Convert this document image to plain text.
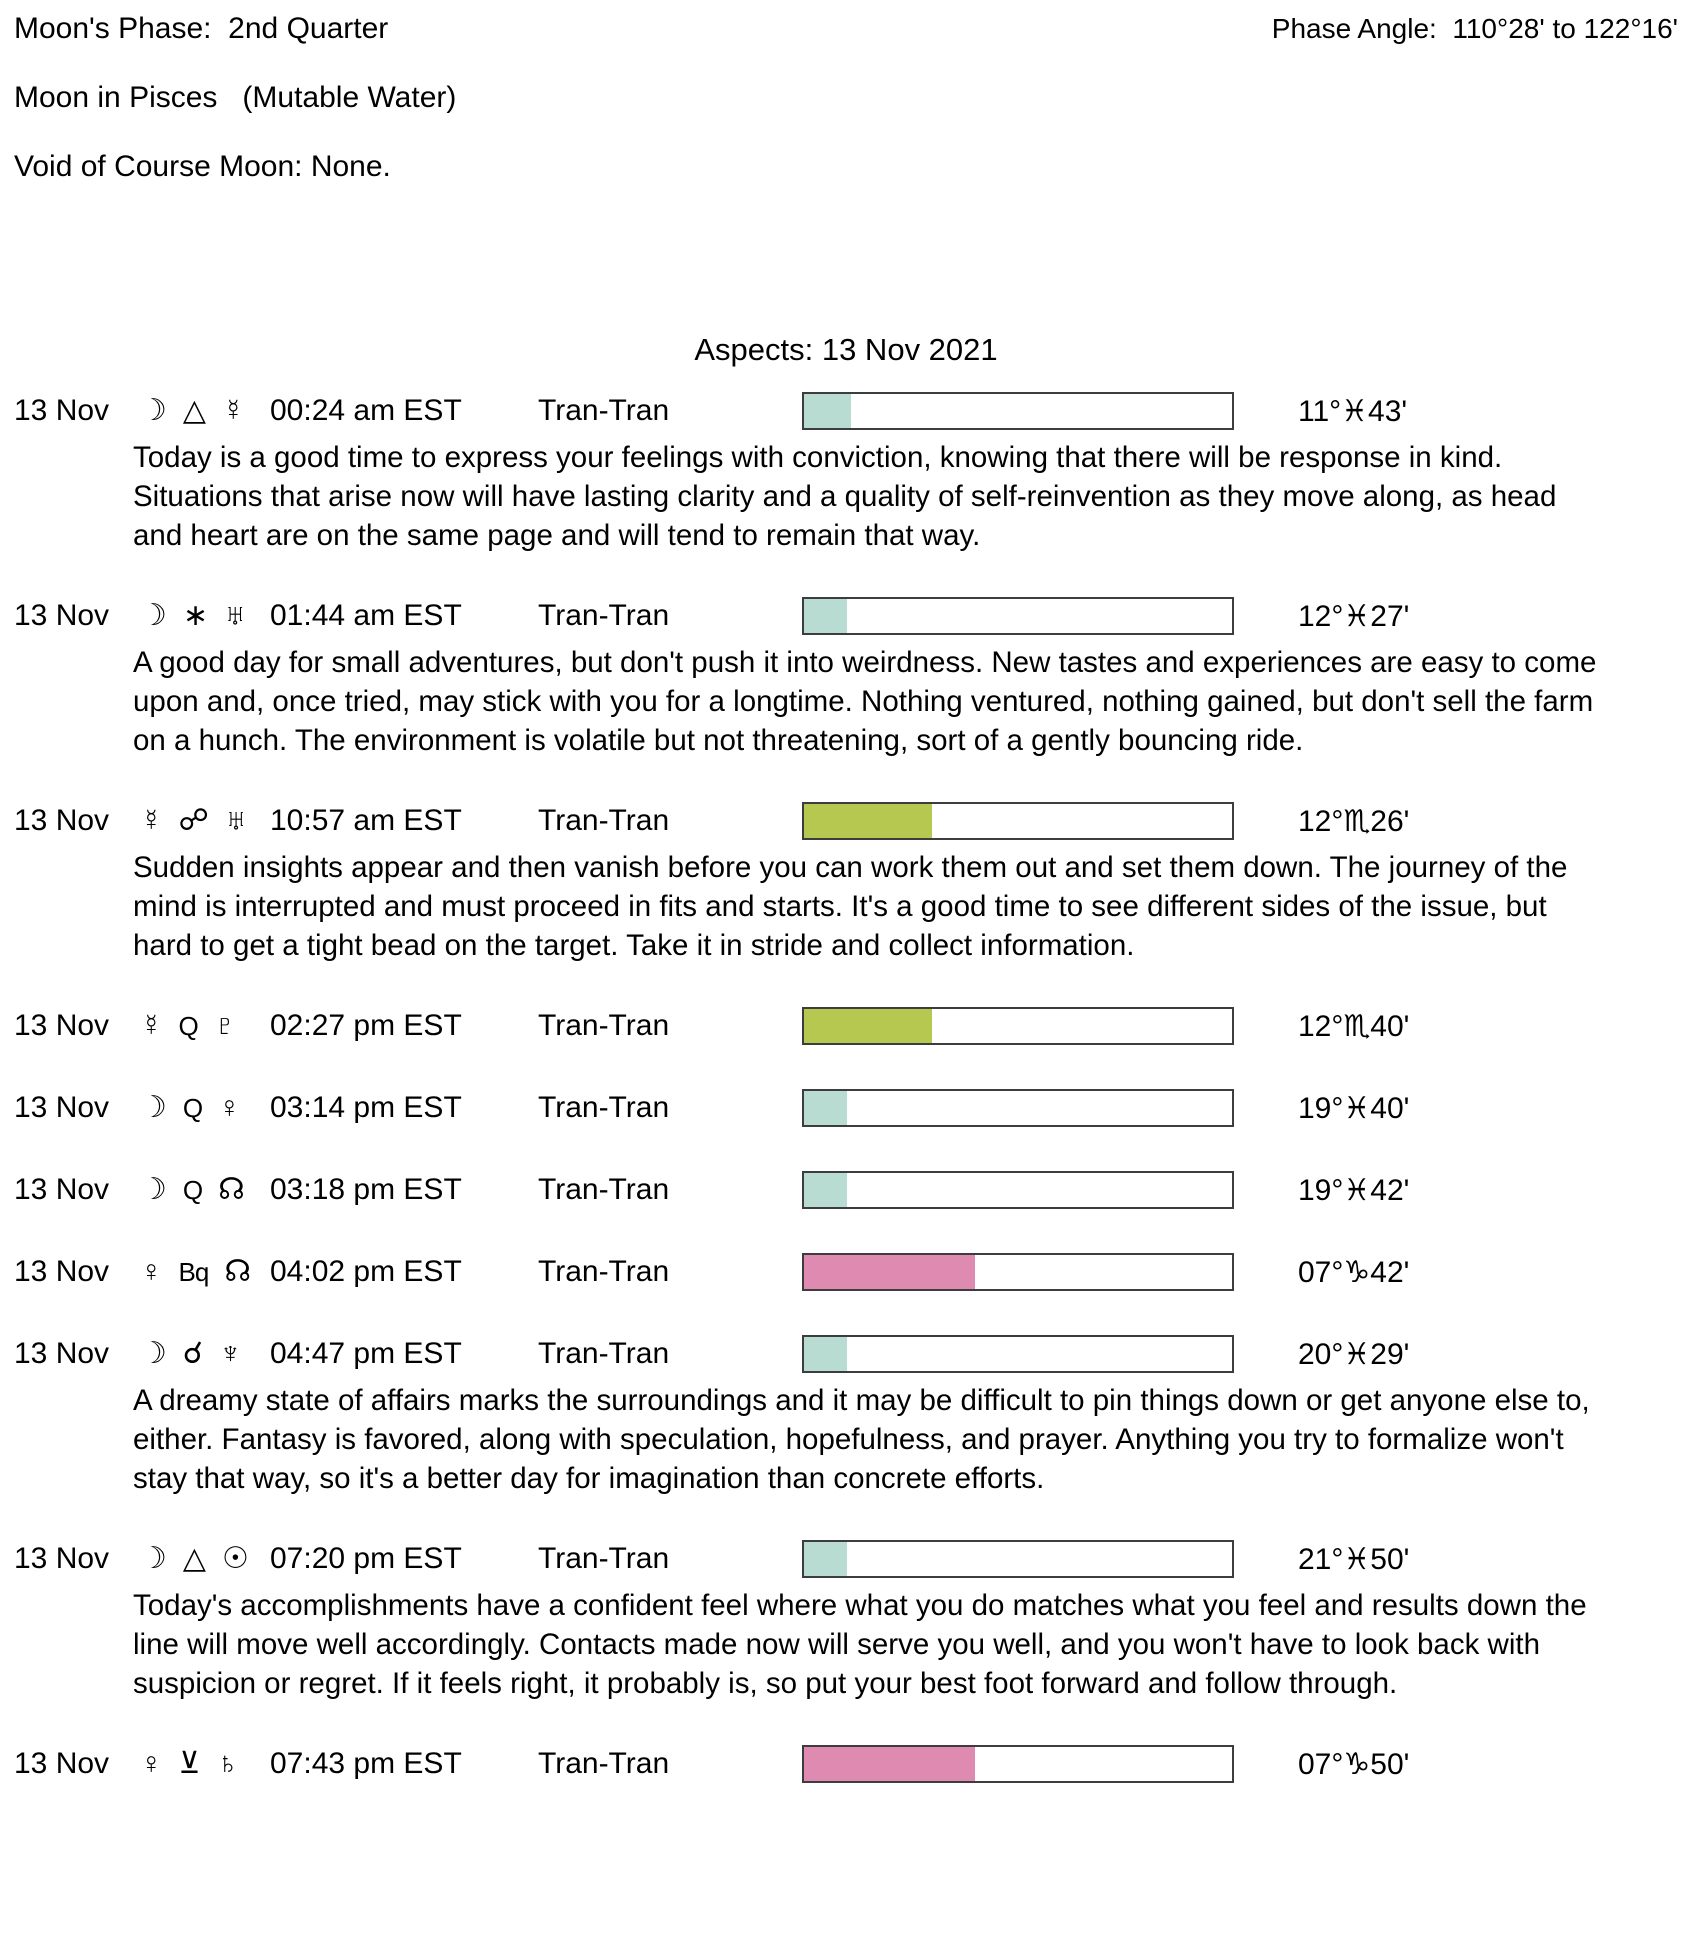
Moon's Phase:  2nd Quarter	Phase Angle:  110°28' to 122°16'
Moon in Pisces   (Mutable Water)
Void of Course Moon: None.
Aspects: 13 Nov 2021
13 Nov	☽ △ ☿ 00:24 am EST	Tran-Tran	11°♓43'
Today is a good time to express your feelings with conviction, knowing that there will be response in kind. Situations that arise now will have lasting clarity and a quality of self-reinvention as they move along, as head and heart are on the same page and will tend to remain that way.
13 Nov	☽ ∗ ♅ 01:44 am EST	Tran-Tran	12°♓27'
A good day for small adventures, but don't push it into weirdness. New tastes and experiences are easy to come upon and, once tried, may stick with you for a longtime. Nothing ventured, nothing gained, but don't sell the farm on a hunch. The environment is volatile but not threatening, sort of a gently bouncing ride.
13 Nov	☿ ☍ ♅ 10:57 am EST	Tran-Tran	12°♏26'
Sudden insights appear and then vanish before you can work them out and set them down. The journey of the mind is interrupted and must proceed in fits and starts. It's a good time to see different sides of the issue, but hard to get a tight bead on the target. Take it in stride and collect information.
13 Nov	☿ Q ♇ 02:27 pm EST	Tran-Tran	12°♏40'
13 Nov	☽ Q ♀ 03:14 pm EST	Tran-Tran	19°♓40'
13 Nov	☽ Q ☊ 03:18 pm EST	Tran-Tran	19°♓42'
13 Nov	♀ Bq ☊ 04:02 pm EST	Tran-Tran	07°♑42'
13 Nov	☽ ☌ ♆ 04:47 pm EST	Tran-Tran	20°♓29'
A dreamy state of affairs marks the surroundings and it may be difficult to pin things down or get anyone else to, either. Fantasy is favored, along with speculation, hopefulness, and prayer. Anything you try to formalize won't stay that way, so it's a better day for imagination than concrete efforts.
13 Nov	☽ △ ☉ 07:20 pm EST	Tran-Tran	21°♓50'
Today's accomplishments have a confident feel where what you do matches what you feel and results down the line will move well accordingly. Contacts made now will serve you well, and you won't have to look back with suspicion or regret. If it feels right, it probably is, so put your best foot forward and follow through.
13 Nov	♀ ⊻ ♄ 07:43 pm EST	Tran-Tran	07°♑50'
